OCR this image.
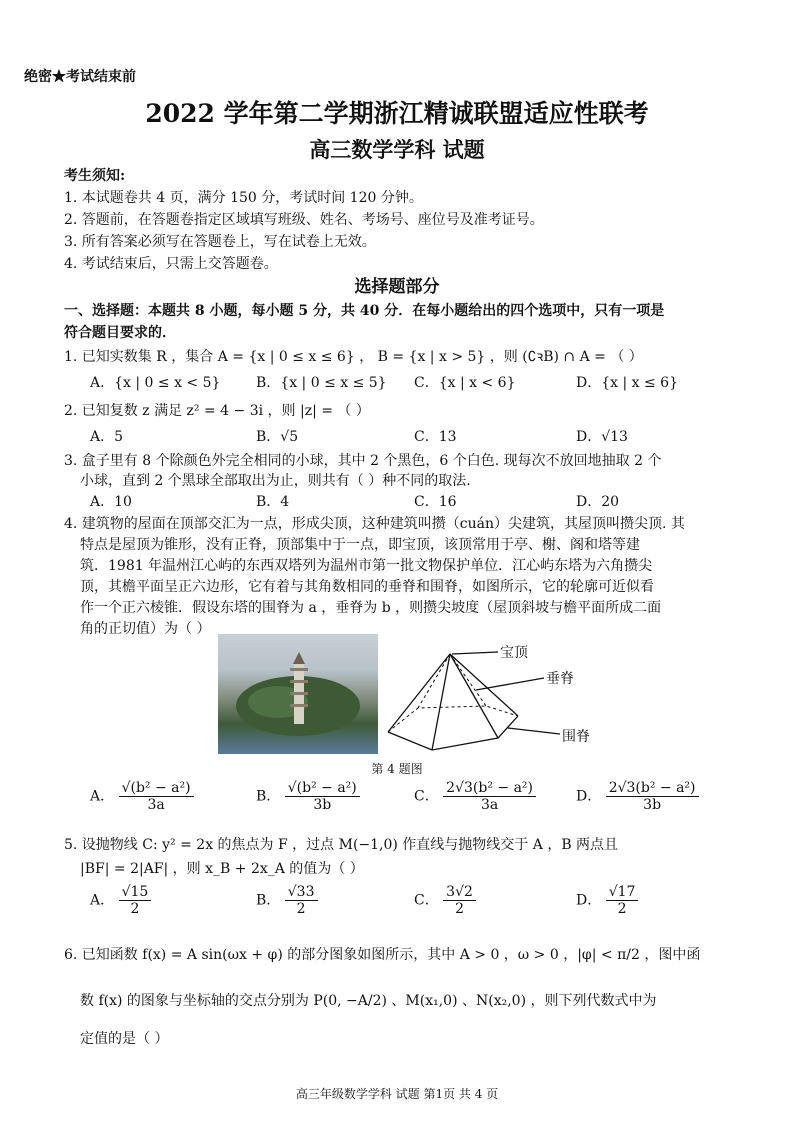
绝密★考试结束前
2022 学年第二学期浙江精诚联盟适应性联考
高三数学学科 试题
考生须知:
1. 本试题卷共 4 页，满分 150 分，考试时间 120 分钟。
2. 答题前，在答题卷指定区域填写班级、姓名、考场号、座位号及准考证号。
3. 所有答案必须写在答题卷上，写在试卷上无效。
4. 考试结束后，只需上交答题卷。
选择题部分
一、选择题：本题共 8 小题，每小题 5 分，共 40 分．在每小题给出的四个选项中，只有一项是
符合题目要求的．
1. 已知实数集 R ，集合 A = {x | 0 ≤ x ≤ 6} ， B = {x | x > 5} ，则 (∁ꝛB) ∩ A = （ ）
A．{x | 0 ≤ x < 5}	B．{x | 0 ≤ x ≤ 5} C．{x | x < 6}	D．{x | x ≤ 6}
2. 已知复数 z 满足 z² = 4 − 3i ，则 |z| = （ ）
A．5	B．√5	C．13	D．√13
3. 盒子里有 8 个除颜色外完全相同的小球，其中 2 个黑色，6 个白色. 现每次不放回地抽取 2 个
小球，直到 2 个黑球全部取出为止，则共有（ ）种不同的取法.
A．10	B．4	C．16	D．20
4. 建筑物的屋面在顶部交汇为一点，形成尖顶，这种建筑叫攒（cuán）尖建筑，其屋顶叫攒尖顶. 其
特点是屋顶为锥形，没有正脊，顶部集中于一点，即宝顶，该顶常用于亭、榭、阁和塔等建
筑．1981 年温州江心屿的东西双塔列为温州市第一批文物保护单位．江心屿东塔为六角攒尖
顶，其檐平面呈正六边形，它有着与其角数相同的垂脊和围脊，如图所示，它的轮廓可近似看
作一个正六棱锥．假设东塔的围脊为 a ，垂脊为 b ，则攒尖坡度（屋顶斜坡与檐平面所成二面
角的正切值）为（ ）
宝顶
垂脊
围脊
第 4 题图
A． $\frac{\text{√(b² − a²)}}{3a}$	B． $\frac{\text{√(b² − a²)}}{3b}$	C． $\frac{\text{2√3(b² − a²)}}{3a}$	D． $\frac{\text{2√3(b² − a²)}}{3b}$
5. 设抛物线 C: y² = 2x 的焦点为 F ，过点 M(−1,0) 作直线与抛物线交于 A ，B 两点且
|BF| = 2|AF| ，则 x_B + 2x_A 的值为（ ）
A． $\frac{√15}{2}$	B． $\frac{√33}{2}$	C． $\frac{3√2}{2}$	D． $\frac{√17}{2}$
6. 已知函数 f(x) = A sin(ωx + φ) 的部分图象如图所示，其中 A > 0 ，ω > 0 ，|φ| < π/2 ，图中函
数 f(x) 的图象与坐标轴的交点分别为 P(0, −A/2) 、M(x₁,0) 、N(x₂,0) ，则下列代数式中为
定值的是（ ）
高三年级数学学科 试题 第1页 共 4 页
